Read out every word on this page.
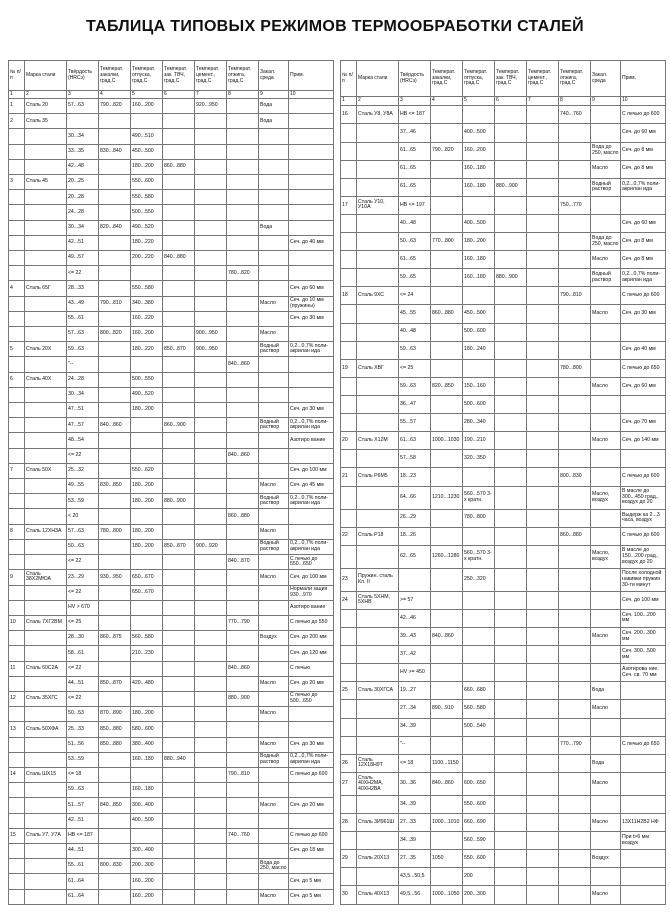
ТАБЛИЦА ТИПОВЫХ РЕЖИМОВ ТЕРМООБРАБОТКИ СТАЛЕЙ
№ п/п	Марка стали	Твёрдость (HRCэ)	Температ. закалки, град.С	Температ. отпуска, град.С	Температ. зак. ТВЧ, град.С	Температ. цемент., град.С	Температ. отжига, град.С	Закал. среда	Прим.
1	2	3	4	5	6	7	8	9	10
1	Сталь 20	57...63	790...820	160...200		920...950		Вода	
2	Сталь 35							Вода	
		30...34		490...510					
		33...35	830...840	450...500					
		42...48		180...200	860...880				
3	Сталь 45	20...25		550...600					
		20...28		550...580					
		24...28		500...550					
		30...34	820...840	490...520				Вода	
		42...51		180...220					Сеч. до 40 мм
		49...57		200...220	840...880				
		<= 22					780...820		
4	Сталь 65Г	28...33		550...580					Сеч. до 60 мм
		43...49	790...810	340...380				Масло	Сеч. до 10 мм (пружины)
		55...61		160...220					Сеч. до 30 мм
		57...63	800...820	160...200		900...950		Масло	
5	Сталь 20Х	59...63		180...220	850...870	900...950		Водный раствор	0,2...0,7% поли-акрилан ида
		"--					840...860		
6	Сталь 40Х	24...28		500...550					
		30...34		490...520					
		47...51		180...200					Сеч. до 30 мм
		47...57	840...860		860...900			Водный раствор	0,2...0,7% поли-акрилан ида
		48...54							Азотиро вание
		<= 22					840...860		
7	Сталь 50Х	25...32		550...620					Сеч. до 100 мм
		49...55	830...850	180...200				Масло	Сеч. до 45 мм
		53...59		180...200	880...900			Водный раствор	0,2...0,7% поли-акрилан ида
		< 20					860...880		
8	Сталь 12ХН3А	57...63	780...800	180...200				Масло	
		50...63		180...200	850...870	900...920		Водный раствор	0,2...0,7% поли-акрилан ида
		<= 22					840...870		С печью до 550...650
9	Сталь 38Х2МЮА	23...29	930...950	650...670				Масло	Сеч. до 100 мм
		<= 22		650...670					Нормали зация 930...970
		HV > 670							Азотиро вание
10	Сталь 7ХГ2ВМ	<= 25					770...790		С печью до 550
		28...30	860...875	560...580				Воздух	Сеч. до 200 мм
		58...61		210...230					Сеч. до 120 мм
11	Сталь 60С2А	<= 22					840...860		С печью
		44...51	850...870	420...480				Масло	Сеч. до 20 мм
12	Сталь 35ХГС	<= 22					880...900		С печью до 500...650
		50...53	870...890	180...200				Масло	
13	Сталь 50ХФА	25...33	850...880	580...600					
		51...56	850...880	380...400				Масло	Сеч. до 30 мм
		53...59		160...180	880...940			Водный раствор	0,2...0,7% поли-акрилан ида
14	Сталь ШХ15	<= 18					790...810		С печью до 600
		59...63		160...180					
		51...57	840...850	300...400				Масло	Сеч. до 20 мм
		42...51		400...500					
15	Сталь У7, У7А	HB <= 187					740...760		С печью до 600
		44...51		300...400					Сеч. до 18 мм
		55...61	800...830	200...300				Вода до 250, масло	
		61...64		160...200					Сеч. до 5 мм
		61...64		160...200				Масло	Сеч. до 5 мм
№ п/п	Марка стали	Твёрдость (HRCэ)	Температ. закалки, град.С	Температ. отпуска, град.С	Температ. зак. ТВЧ, град.С	Температ. цемент., град.С	Температ. отжига, град.С	Закал. среда	Прим.
1	2	3	4	5	6	7	8	9	10
16	Сталь У8, У8А	HB <= 187					740...760		С печью до 600
		37...46		400...500					Сеч. до 60 мм
		61...65	790...820	160...200				Вода до 250, масло	Сеч. до 8 мм
		61...65		160...180				Масло	Сеч. до 8 мм
		61...65		160...180	880...900			Водный раствор	0,2...0,7% поли-акрилан ида
17	Сталь У10, У10А	HB <= 197					750...770		
		40...48		400...500					Сеч. до 60 мм
		50...63	770...800	180...200				Вода до 250, масло	Сеч. до 8 мм
		61...65		160...180				Масло	Сеч. до 8 мм
		59...65		160...180	880...900			Водный раствор	0,2...0,7% поли-акрилан ида
18	Сталь 9ХС	<= 24					790...810		С печью до 600
		45...55	860...880	450...500				Масло	Сеч. до 30 мм
		40...48		500...600					
		59...63		180...240					Сеч. до 40 мм
19	Сталь ХВГ	<= 25					780...800		С печью до 650
		59...63	820...850	150...160				Масло	Сеч. до 60 мм
		36...47		500...600					
		55...57		280...340					Сеч. до 70 мм
20	Сталь Х12М	61...63	1000...1030	190...210				Масло	Сеч. до 140 мм
		57...58		320...350					
21	Сталь Р6М5	18...23					800...830		С печью до 600
		64...66	1210...1230	560...570 3-х кратн.				Масло, воздух	В масле до 300...450 град., воздух до 20
		26...29		780...800					Выдерж ка 2...3 часа, воздух
22	Сталь Р18	18...26					860...880		С печью до 600
		62...65	1260...1280	560...570 3-х кратн.				Масло, воздух	В масле до 150...200 град., воздух до 20
23	Пружин. сталь Кл. II			250...320					После холодной навивки пружин 30-ти минут
24	Сталь 5ХНМ, 5ХНВ	>= 57							Сеч. до 100 мм
		42...46							Сеч. 100...200 мм
		39...43	840...860					Масло	Сеч. 200...300 мм
		37...42							Сеч. 300...500 мм
		HV >= 450							Азотирова ние. Сеч. св. 70 мм
25	Сталь 30ХГСА	19...27		660...680				Вода	
		27...34	890...910	560...580				Масло	
		34...39		500...540					
		"--					770...790		С печью до 650
26	Сталь 12Х18Н9Т	<= 18	1100...1150					Вода	
27	Сталь 40ХН2МА, 40ХН2ВА	30...36	840...860	600...650				Масло	
		34...39		550...600					
28	Сталь 3И961Ш	27...33	1000...1010	660...690				Масло	13Х11Н2В2 НФ
		34...39		560...590					При t>6 мм воздух
29	Сталь 20Х13	27...35	1050	550...600				Воздух	
		43,5...50,5		200					
30	Сталь 40Х13	49,5...56	1000...1050	200...300				Масло	
